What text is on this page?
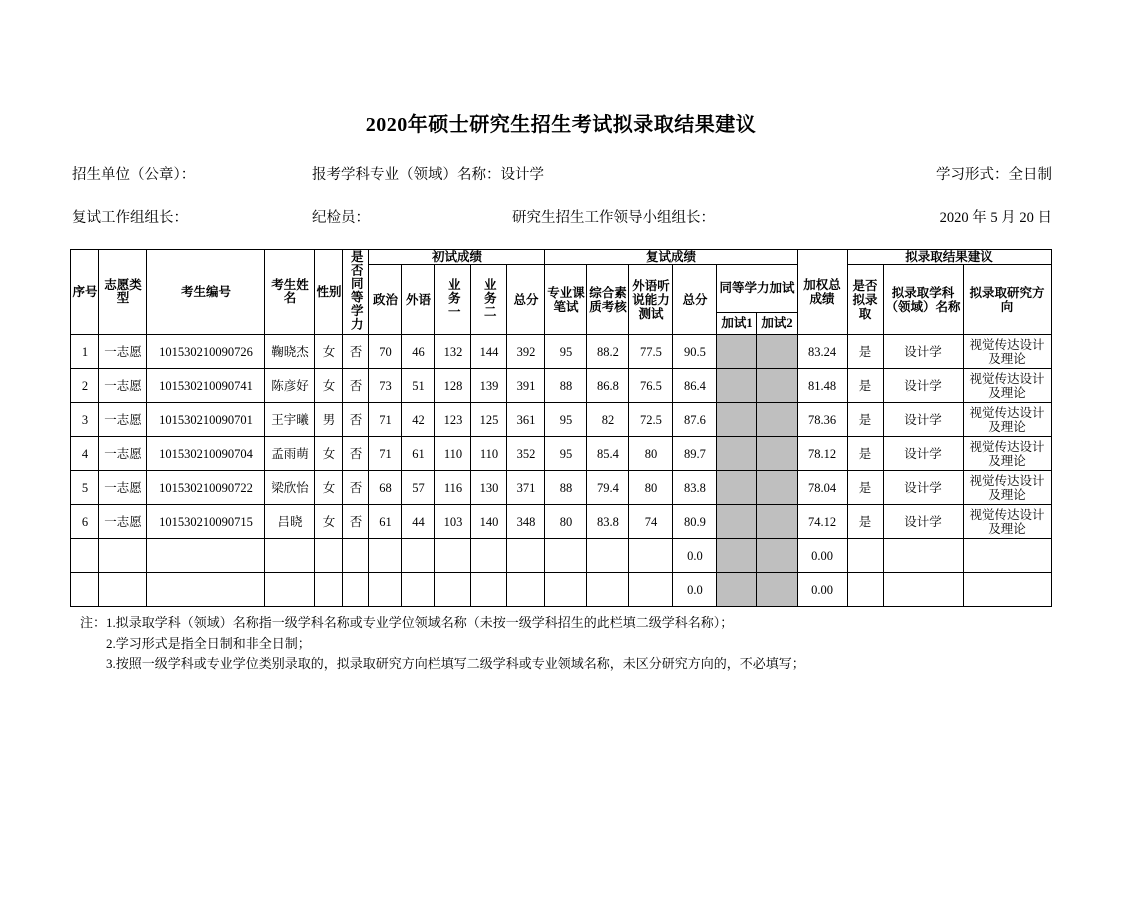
2020年硕士研究生招生考试拟录取结果建议
招生单位（公章）：	报考学科专业（领域）名称：设计学	学习形式：全日制
复试工作组组长：	纪检员：	研究生招生工作领导小组组长：	2020 年 5 月 20 日
序号	志愿类型	考生编号	考生姓名	性别	是否同等学力	初试成绩					复试成绩						加权总成绩	拟录取结果建议		
						政治	外语	业务一	业务二	总分	专业课笔试	综合素质考核	外语听说能力测试	总分	同等学力加试			是否拟录取	拟录取学科（领域）名称	拟录取研究方向

															加试1	加试2				
1	一志愿	101530210090726	鞠晓杰	女	否	70	46	132	144	392	95	88.2	77.5	90.5			83.24	是	设计学	视觉传达设计及理论

2	一志愿	101530210090741	陈彦好	女	否	73	51	128	139	391	88	86.8	76.5	86.4			81.48	是	设计学	视觉传达设计及理论

3	一志愿	101530210090701	王宇曦	男	否	71	42	123	125	361	95	82	72.5	87.6			78.36	是	设计学	视觉传达设计及理论

4	一志愿	101530210090704	孟雨萌	女	否	71	61	110	110	352	95	85.4	80	89.7			78.12	是	设计学	视觉传达设计及理论

5	一志愿	101530210090722	梁欣怡	女	否	68	57	116	130	371	88	79.4	80	83.8			78.04	是	设计学	视觉传达设计及理论

6	一志愿	101530210090715	吕晓	女	否	61	44	103	140	348	80	83.8	74	80.9			74.12	是	设计学	视觉传达设计及理论

														0.0			0.00			
														0.0			0.00			
注：1.拟录取学科（领域）名称指一级学科名称或专业学位领域名称（未按一级学科招生的此栏填二级学科名称）；
2.学习形式是指全日制和非全日制；
3.按照一级学科或专业学位类别录取的，拟录取研究方向栏填写二级学科或专业领域名称，未区分研究方向的，不必填写；
